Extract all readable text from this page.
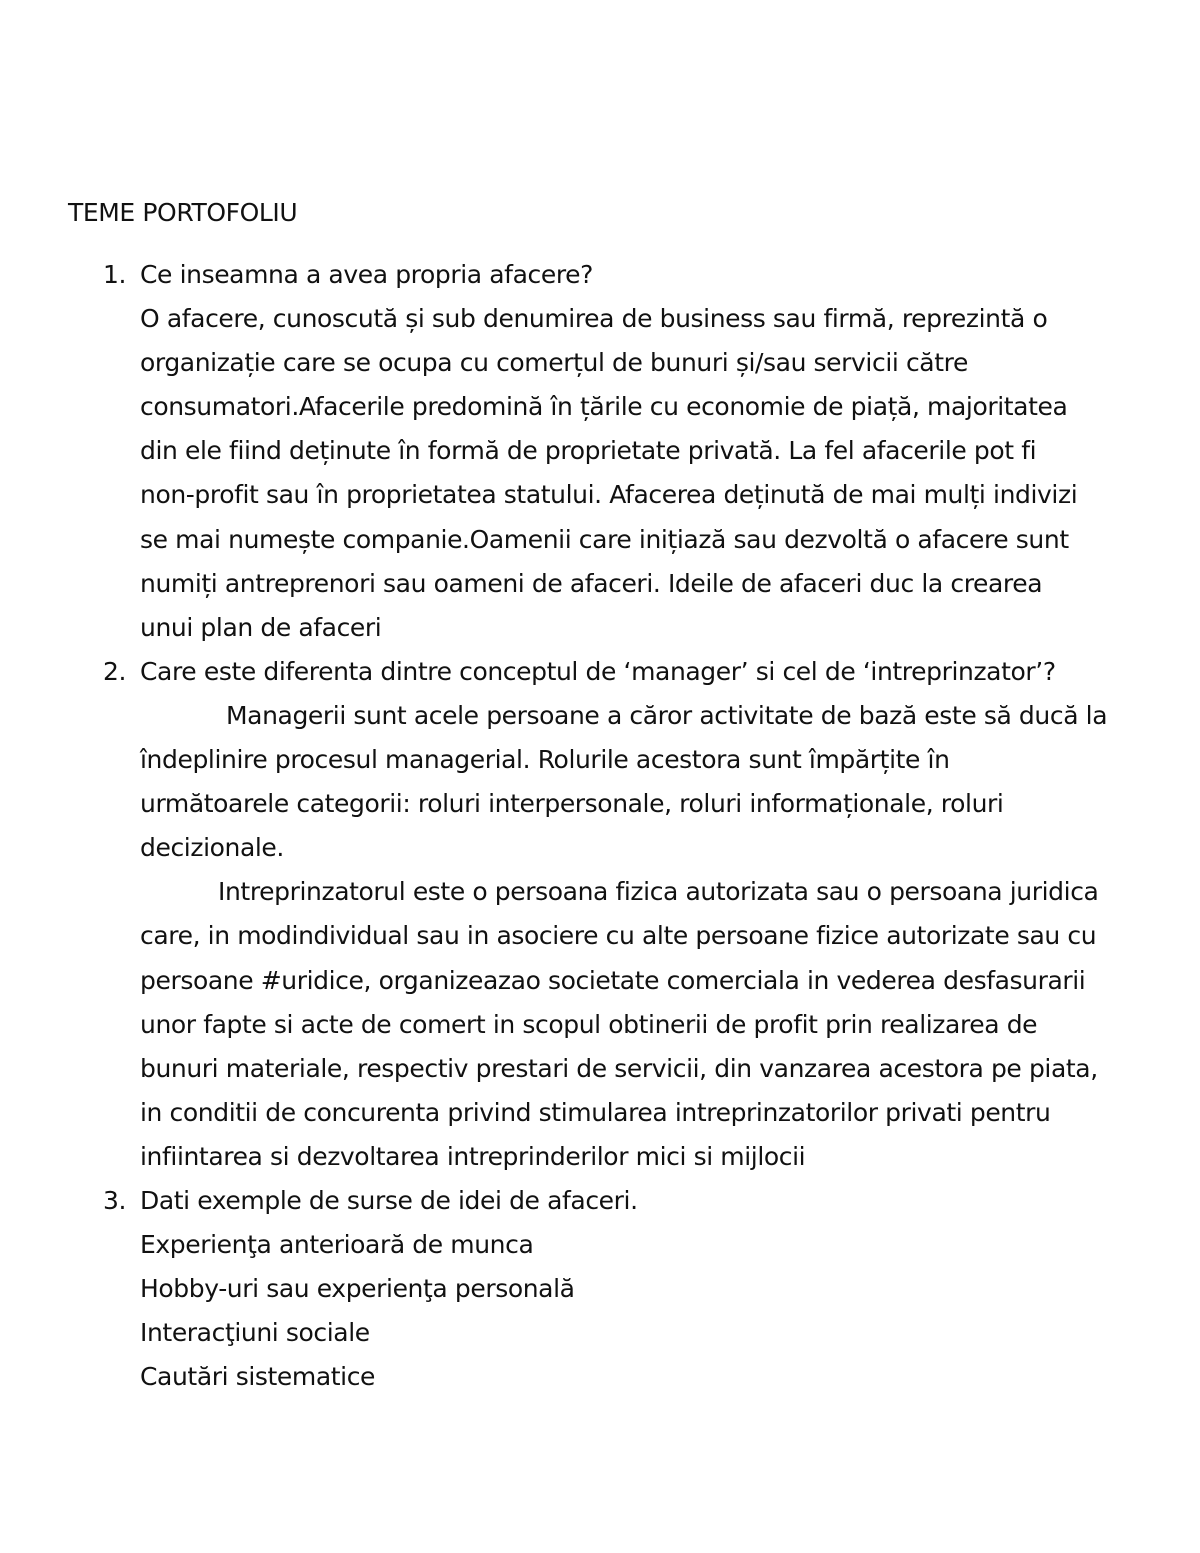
TEME PORTOFOLIU
1. Ce inseamna a avea propria afacere?
O afacere, cunoscută și sub denumirea de business sau firmă, reprezintă o
organizație care se ocupa cu comerțul de bunuri și/sau servicii către
consumatori.Afacerile predomină în țările cu economie de piață, majoritatea
din ele fiind deținute în formă de proprietate privată. La fel afacerile pot fi
non-profit sau în proprietatea statului. Afacerea deținută de mai mulți indivizi
se mai numește companie.Oamenii care inițiază sau dezvoltă o afacere sunt
numiți antreprenori sau oameni de afaceri. Ideile de afaceri duc la crearea
unui plan de afaceri
2. Care este diferenta dintre conceptul de ‘manager’ si cel de ‘intreprinzator’?
Managerii sunt acele persoane a căror activitate de bază este să ducă la
îndeplinire procesul managerial. Rolurile acestora sunt împărțite în
următoarele categorii: roluri interpersonale, roluri informaționale, roluri
decizionale.
Intreprinzatorul este o persoana fizica autorizata sau o persoana juridica
care, in modindividual sau in asociere cu alte persoane fizice autorizate sau cu
persoane #uridice, organizeazao societate comerciala in vederea desfasurarii
unor fapte si acte de comert in scopul obtinerii de profit prin realizarea de
bunuri materiale, respectiv prestari de servicii, din vanzarea acestora pe piata,
in conditii de concurenta privind stimularea intreprinzatorilor privati pentru
infiintarea si dezvoltarea intreprinderilor mici si mijlocii
3. Dati exemple de surse de idei de afaceri.
Experienţa anterioară de munca
Hobby-uri sau experienţa personală
Interacţiuni sociale
Cautări sistematice
